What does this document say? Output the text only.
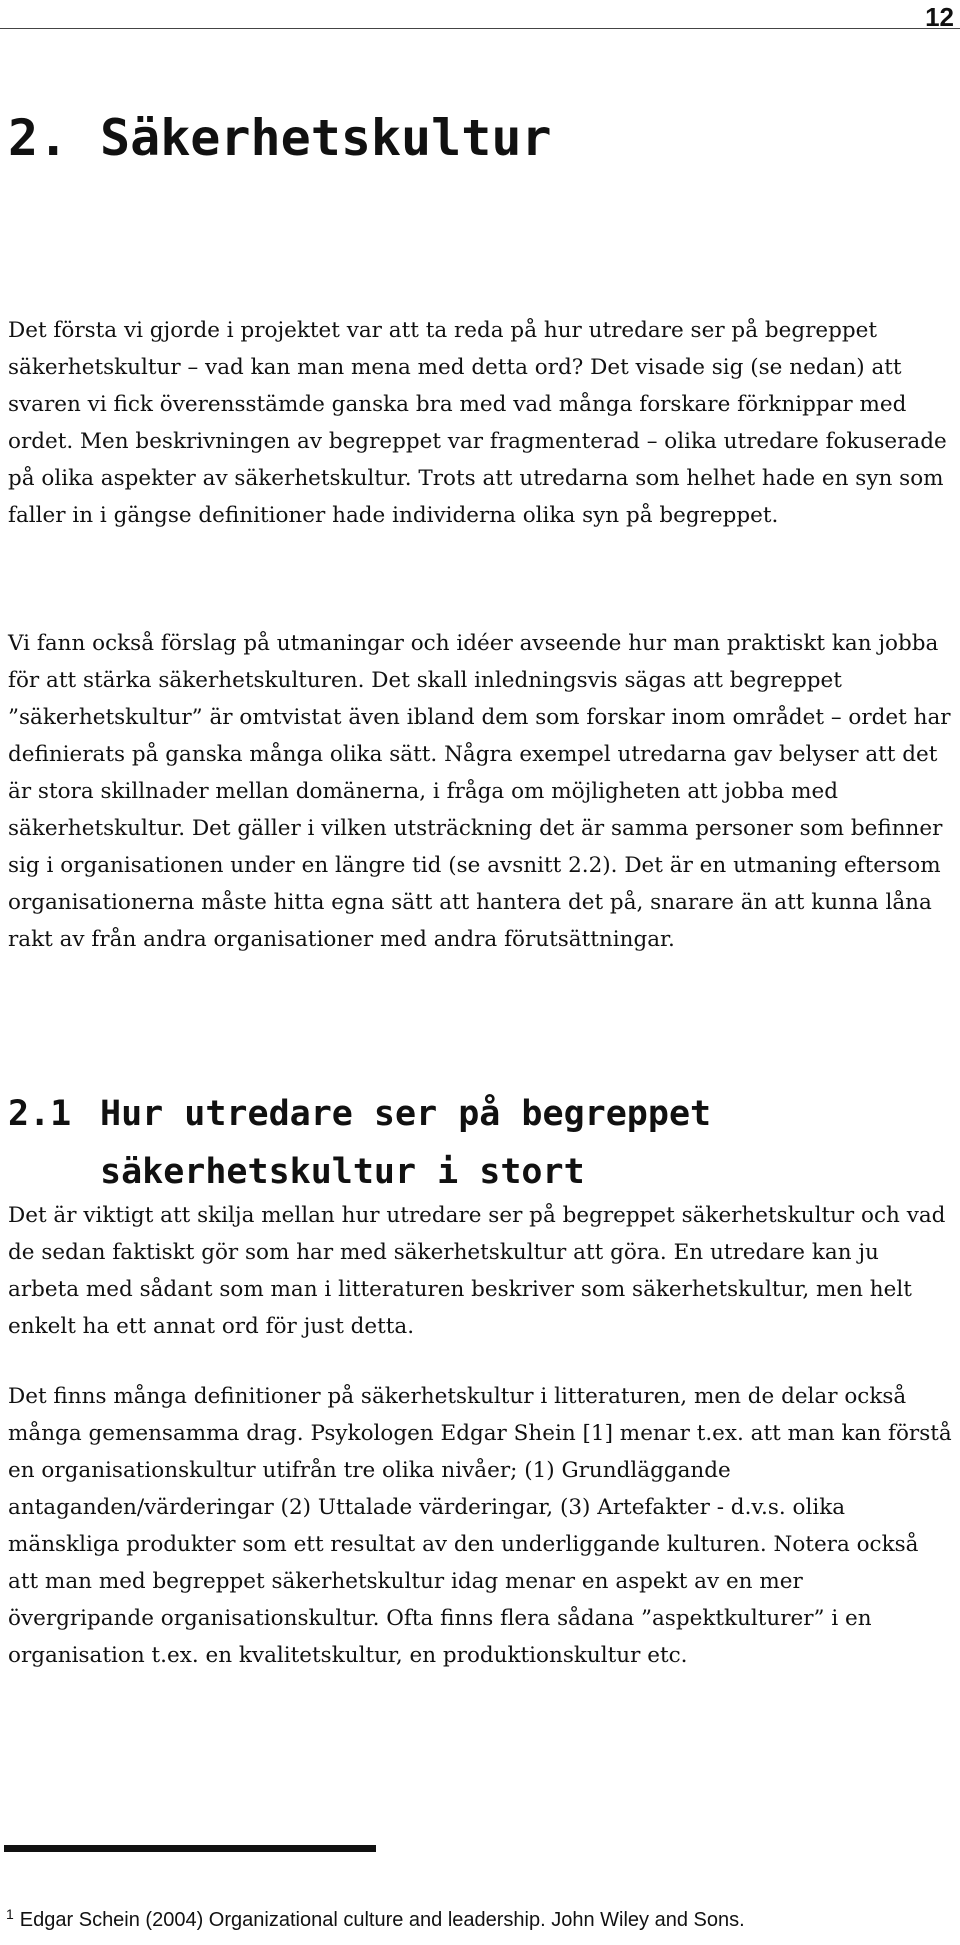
12
2. Säkerhetskultur

Det första vi gjorde i projektet var att ta reda på hur utredare ser på begreppet säkerhetskultur – vad kan man mena med detta ord? Det visade sig (se nedan) att svaren vi fick överensstämde ganska bra med vad många forskare förknippar med ordet. Men beskrivningen av begreppet var fragmenterad – olika utredare fokuserade på olika aspekter av säkerhetskultur. Trots att utredarna som helhet hade en syn som faller in i gängse definitioner hade individerna olika syn på begreppet.

Vi fann också förslag på utmaningar och idéer avseende hur man praktiskt kan jobba för att stärka säkerhetskulturen. Det skall inledningsvis sägas att begreppet ”säkerhetskultur” är omtvistat även ibland dem som forskar inom området – ordet har definierats på ganska många olika sätt. Några exempel utredarna gav belyser att det är stora skillnader mellan domänerna, i fråga om möjligheten att jobba med säkerhetskultur. Det gäller i vilken utsträckning det är samma personer som befinner sig i organisationen under en längre tid (se avsnitt 2.2). Det är en utmaning eftersom organisationerna måste hitta egna sätt att hantera det på, snarare än att kunna låna rakt av från andra organisationer med andra förutsättningar.

2.1 Hur utredare ser på begreppet
säkerhetskultur i stort

Det är viktigt att skilja mellan hur utredare ser på begreppet säkerhetskultur och vad de sedan faktiskt gör som har med säkerhetskultur att göra. En utredare kan ju arbeta med sådant som man i litteraturen beskriver som säkerhetskultur, men helt enkelt ha ett annat ord för just detta.

Det finns många definitioner på säkerhetskultur i litteraturen, men de delar också många gemensamma drag. Psykologen Edgar Shein [1] menar t.ex. att man kan förstå en organisationskultur utifrån tre olika nivåer; (1) Grundläggande antaganden/värderingar (2) Uttalade värderingar, (3) Artefakter - d.v.s. olika mänskliga produkter som ett resultat av den underliggande kulturen. Notera också att man med begreppet säkerhetskultur idag menar en aspekt av en mer övergripande organisationskultur. Ofta finns flera sådana ”aspektkulturer” i en organisation t.ex. en kvalitetskultur, en produktionskultur etc.

$^1$ Edgar Schein (2004) Organizational culture and leadership. John Wiley and Sons.
